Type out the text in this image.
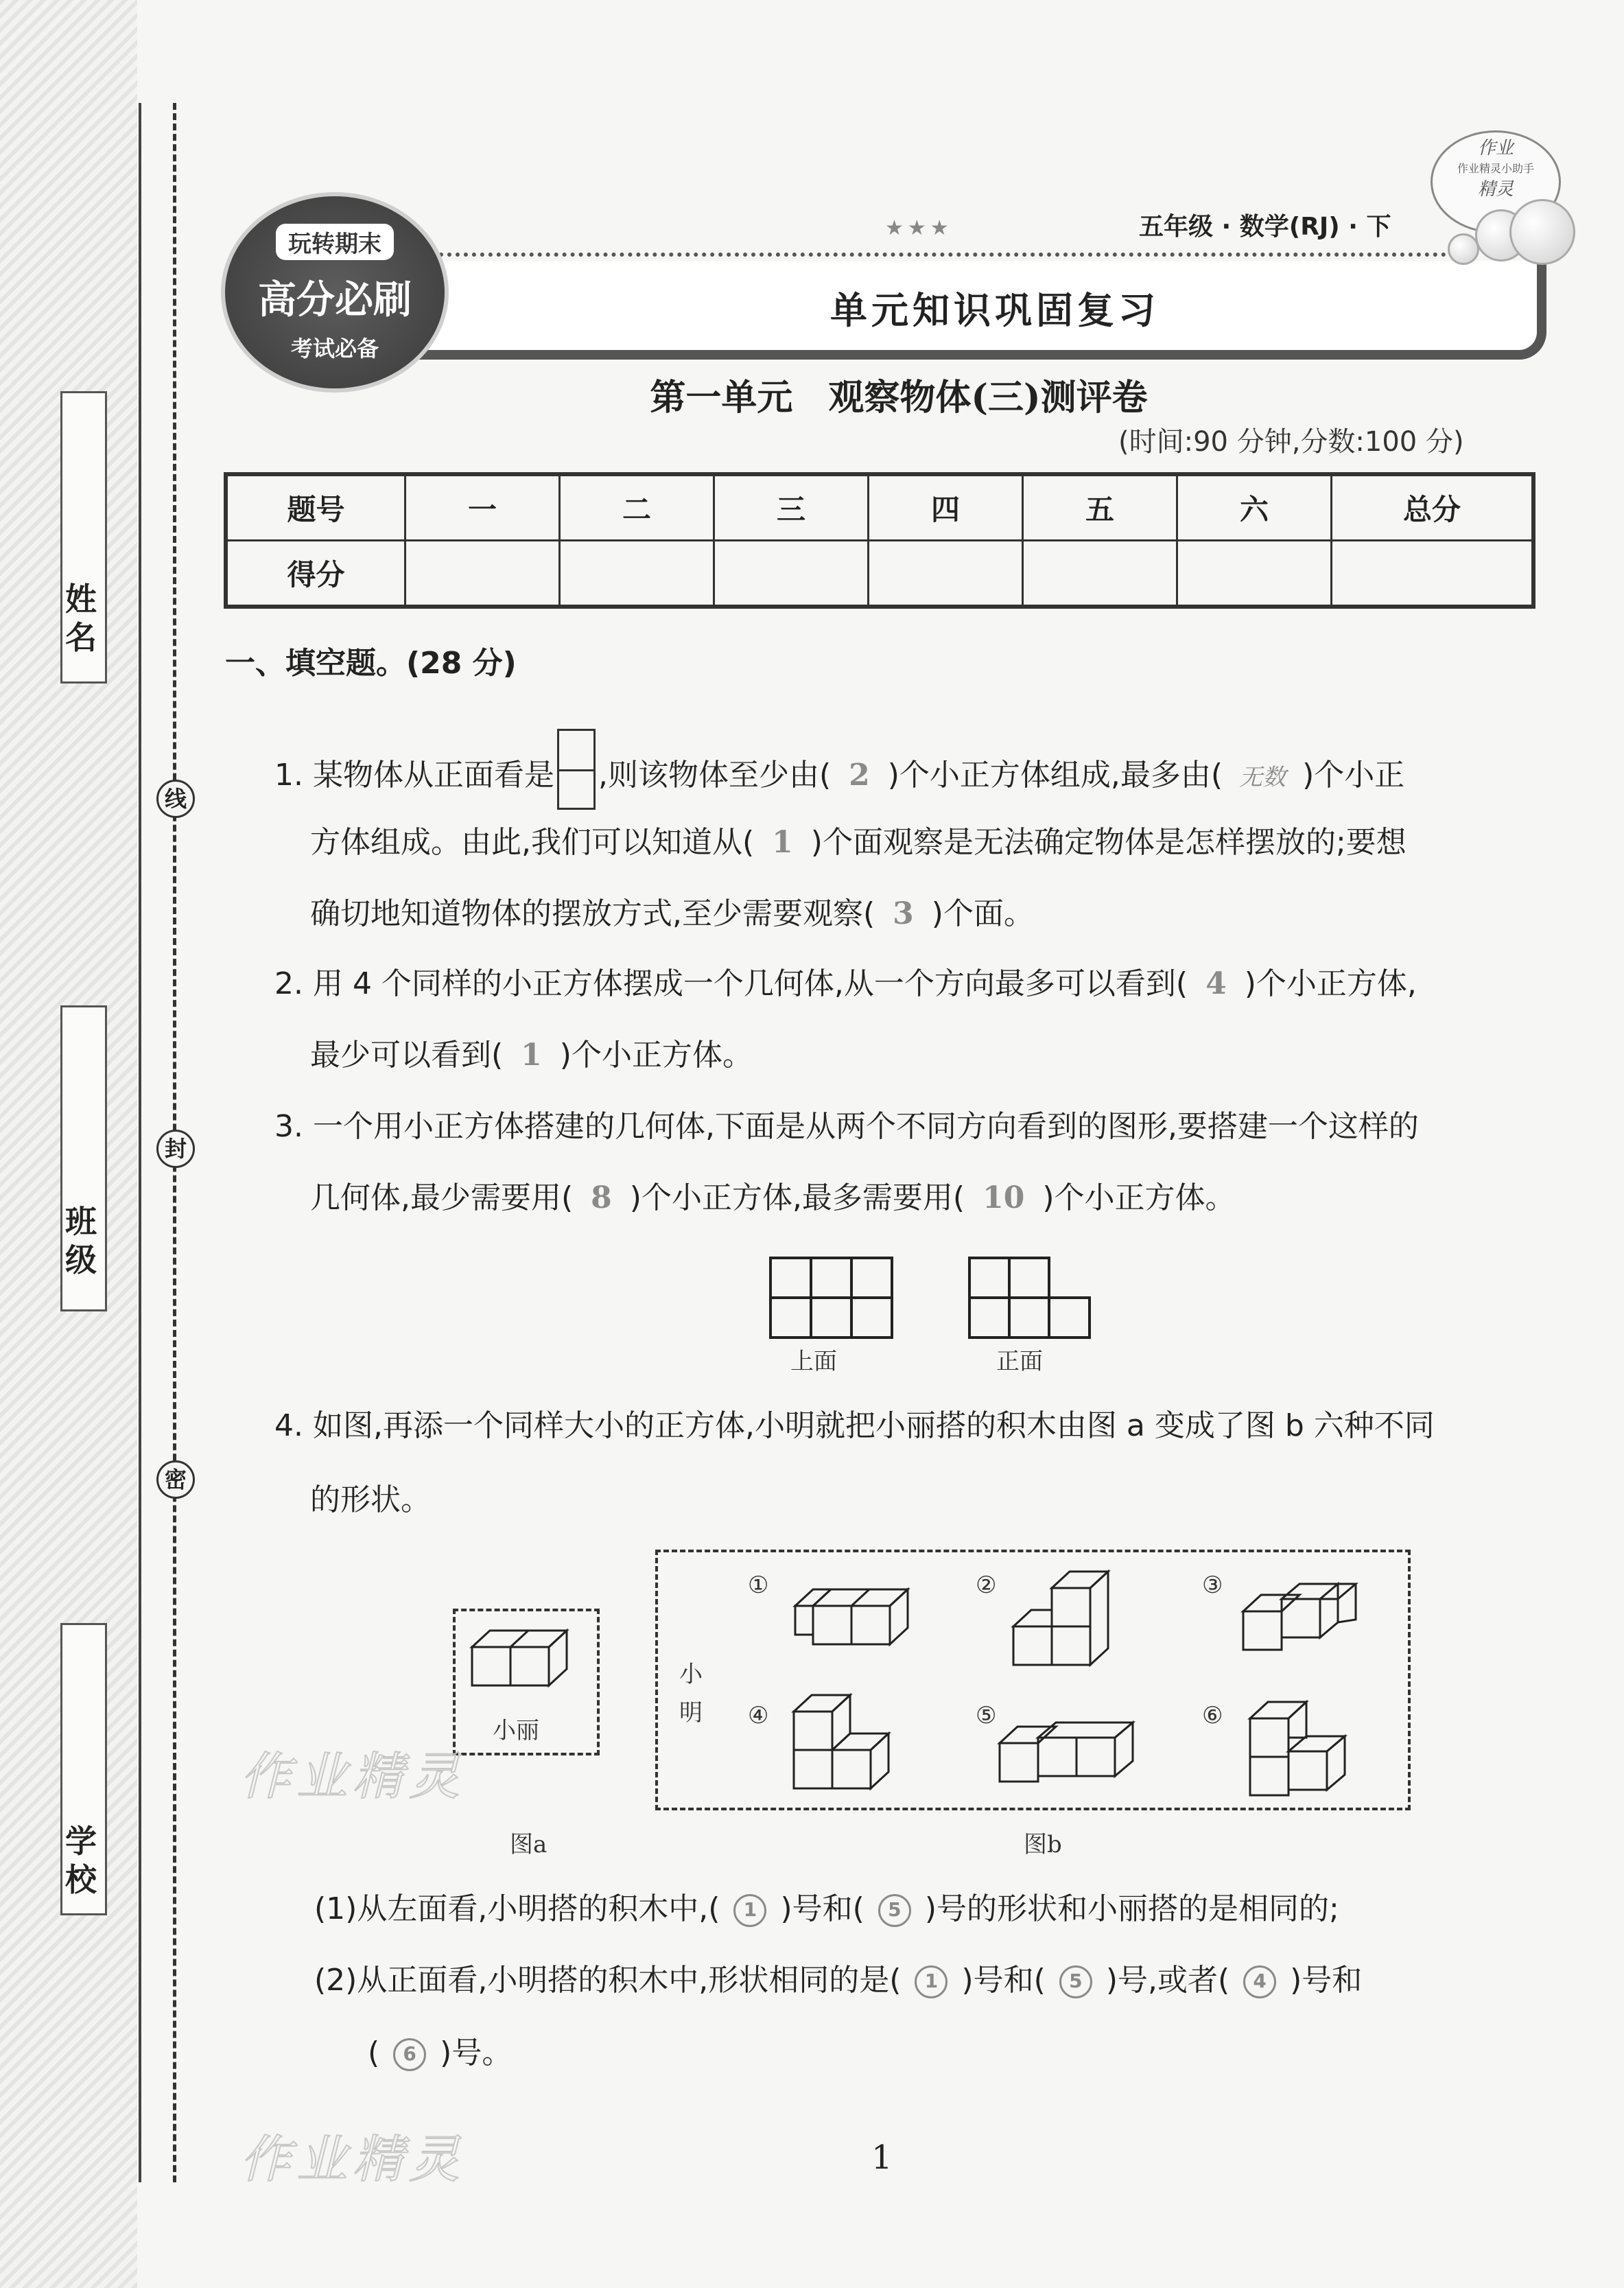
姓名
班级
学校
线
封
密
玩转期末
高分必刷
考试必备
★★★	五年级 · 数学(RJ) · 下
单元知识巩固复习
作业
作业精灵小助手
精灵
第一单元　观察物体(三)测评卷
(时间:90 分钟,分数:100 分)
题号	一	二	三	四	五	六	总分
得分							
一、填空题。(28 分)
1. 某物体从正面看是 ,则该物体至少由( 2 )个小正方体组成,最多由( 无数 )个小正
方体组成。由此,我们可以知道从( 1 )个面观察是无法确定物体是怎样摆放的;要想
确切地知道物体的摆放方式,至少需要观察( 3 )个面。
2. 用 4 个同样的小正方体摆成一个几何体,从一个方向最多可以看到( 4 )个小正方体,
最少可以看到( 1 )个小正方体。
3. 一个用小正方体搭建的几何体,下面是从两个不同方向看到的图形,要搭建一个这样的
几何体,最少需要用( 8 )个小正方体,最多需要用( 10 )个小正方体。
上面	正面
4. 如图,再添一个同样大小的正方体,小明就把小丽搭的积木由图 a 变成了图 b 六种不同
的形状。
小丽
图a
小明
图b
①	②	③
④	⑤	⑥
(1)从左面看,小明搭的积木中,( 1 )号和( 5 )号的形状和小丽搭的是相同的;
(2)从正面看,小明搭的积木中,形状相同的是( 1 )号和( 5 )号,或者( 4 )号和
( 6 )号。
作业精灵
作业精灵	1
